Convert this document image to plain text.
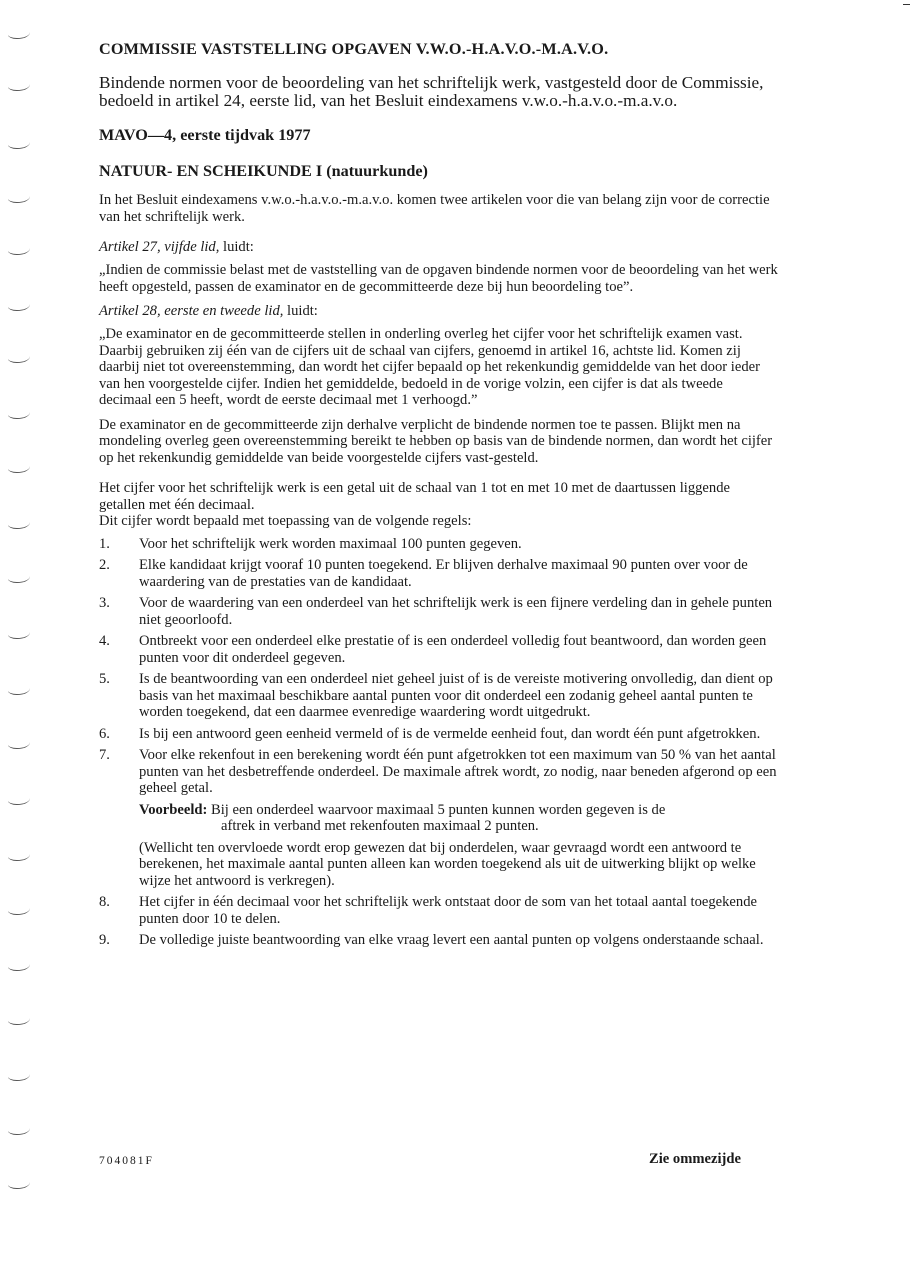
COMMISSIE VASTSTELLING OPGAVEN V.W.O.-H.A.V.O.-M.A.V.O.
Bindende normen voor de beoordeling van het schriftelijk werk, vastgesteld door de Commissie, bedoeld in artikel 24, eerste lid, van het Besluit eindexamens v.w.o.-h.a.v.o.-m.a.v.o.
MAVO—4, eerste tijdvak 1977
NATUUR- EN SCHEIKUNDE I (natuurkunde)
In het Besluit eindexamens v.w.o.-h.a.v.o.-m.a.v.o. komen twee artikelen voor die van belang zijn voor de correctie van het schriftelijk werk.
Artikel 27, vijfde lid, luidt:
„Indien de commissie belast met de vaststelling van de opgaven bindende normen voor de beoordeling van het werk heeft opgesteld, passen de examinator en de gecommitteerde deze bij hun beoordeling toe”.
Artikel 28, eerste en tweede lid, luidt:
„De examinator en de gecommitteerde stellen in onderling overleg het cijfer voor het schriftelijk examen vast. Daarbij gebruiken zij één van de cijfers uit de schaal van cijfers, genoemd in artikel 16, achtste lid. Komen zij daarbij niet tot overeenstemming, dan wordt het cijfer bepaald op het rekenkundig gemiddelde van het door ieder van hen voorgestelde cijfer. Indien het gemiddelde, bedoeld in de vorige volzin, een cijfer is dat als tweede decimaal een 5 heeft, wordt de eerste decimaal met 1 verhoogd.”
De examinator en de gecommitteerde zijn derhalve verplicht de bindende normen toe te passen. Blijkt men na mondeling overleg geen overeenstemming bereikt te hebben op basis van de bindende normen, dan wordt het cijfer op het rekenkundig gemiddelde van beide voorgestelde cijfers vast-gesteld.
Het cijfer voor het schriftelijk werk is een getal uit de schaal van 1 tot en met 10 met de daartussen liggende getallen met één decimaal.
Dit cijfer wordt bepaald met toepassing van de volgende regels:
1. Voor het schriftelijk werk worden maximaal 100 punten gegeven.
2. Elke kandidaat krijgt vooraf 10 punten toegekend. Er blijven derhalve maximaal 90 punten over voor de waardering van de prestaties van de kandidaat.
3. Voor de waardering van een onderdeel van het schriftelijk werk is een fijnere verdeling dan in gehele punten niet geoorloofd.
4. Ontbreekt voor een onderdeel elke prestatie of is een onderdeel volledig fout beantwoord, dan worden geen punten voor dit onderdeel gegeven.
5. Is de beantwoording van een onderdeel niet geheel juist of is de vereiste motivering onvolledig, dan dient op basis van het maximaal beschikbare aantal punten voor dit onderdeel een zodanig geheel aantal punten te worden toegekend, dat een daarmee evenredige waardering wordt uitgedrukt.
6. Is bij een antwoord geen eenheid vermeld of is de vermelde eenheid fout, dan wordt één punt afgetrokken.
7. Voor elke rekenfout in een berekening wordt één punt afgetrokken tot een maximum van 50 % van het aantal punten van het desbetreffende onderdeel. De maximale aftrek wordt, zo nodig, naar beneden afgerond op een geheel getal.
Voorbeeld: Bij een onderdeel waarvoor maximaal 5 punten kunnen worden gegeven is de
aftrek in verband met rekenfouten maximaal 2 punten.
(Wellicht ten overvloede wordt erop gewezen dat bij onderdelen, waar gevraagd wordt een antwoord te berekenen, het maximale aantal punten alleen kan worden toegekend als uit de uitwerking blijkt op welke wijze het antwoord is verkregen).
8. Het cijfer in één decimaal voor het schriftelijk werk ontstaat door de som van het totaal aantal toegekende punten door 10 te delen.
9. De volledige juiste beantwoording van elke vraag levert een aantal punten op volgens onderstaande schaal.
704081F	Zie ommezijde
